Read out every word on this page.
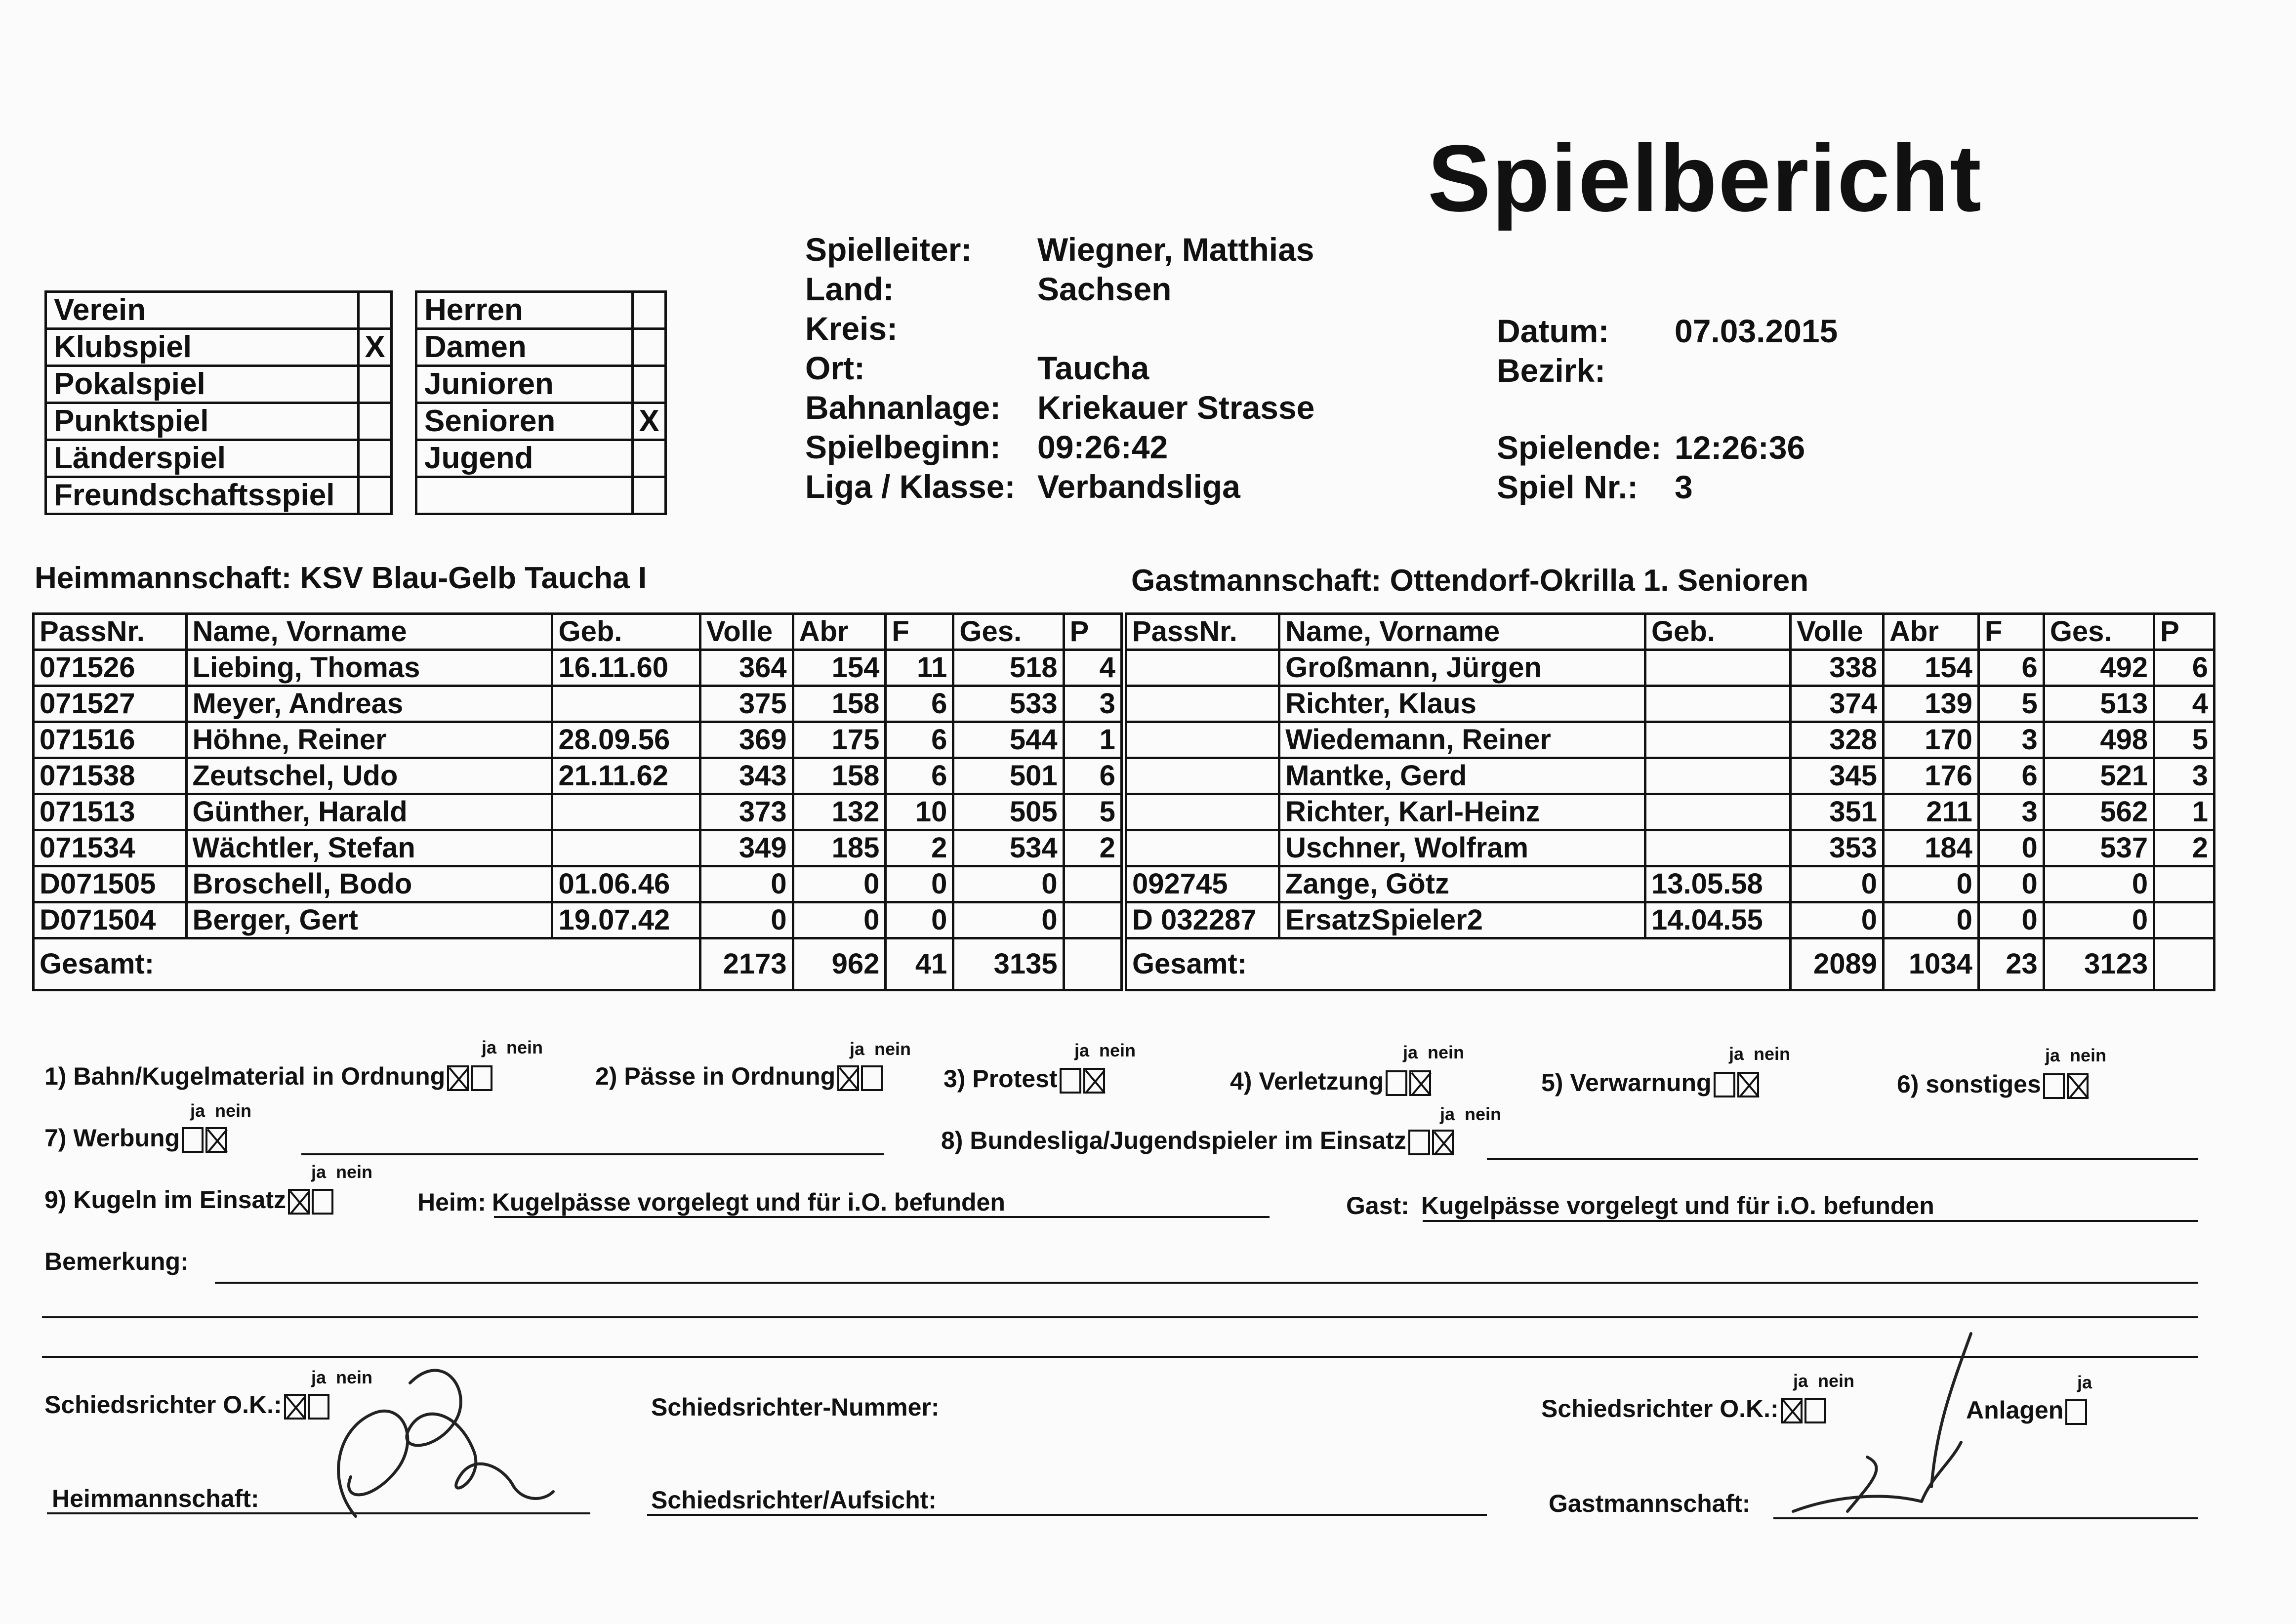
Spielbericht
Spielleiter: Wiegner, Matthias
Land:	Sachsen
Kreis:
Ort:	Taucha
Bahnanlage: Kriekauer Strasse
Spielbeginn: 09:26:42
Liga / Klasse: Verbandsliga
Datum: 07.03.2015
Bezirk:
Spielende: 12:26:36
Spiel Nr.: 3
Verein	
Klubspiel	X
Pokalspiel	
Punktspiel	
Länderspiel	
Freundschaftsspiel	
Herren	
Damen	
Junioren	
Senioren	X
Jugend	

Heimmannschaft: KSV Blau-Gelb Taucha I	Gastmannschaft: Ottendorf-Okrilla 1. Senioren
PassNr.	Name, Vorname	Geb.	Volle	Abr	F	Ges.	P	PassNr.	Name, Vorname	Geb.	Volle	Abr	F	Ges.	P
071526	Liebing, Thomas	16.11.60	364	154	11	518	4		Großmann, Jürgen		338	154	6	492	6
071527	Meyer, Andreas		375	158	6	533	3		Richter, Klaus		374	139	5	513	4
071516	Höhne, Reiner	28.09.56	369	175	6	544	1		Wiedemann, Reiner		328	170	3	498	5
071538	Zeutschel, Udo	21.11.62	343	158	6	501	6		Mantke, Gerd		345	176	6	521	3
071513	Günther, Harald		373	132	10	505	5		Richter, Karl-Heinz		351	211	3	562	1
071534	Wächtler, Stefan		349	185	2	534	2		Uschner, Wolfram		353	184	0	537	2
D071505	Broschell, Bodo	01.06.46	0	0	0	0		092745	Zange, Götz	13.05.58	0	0	0	0	
D071504	Berger, Gert	19.07.42	0	0	0	0		D 032287	ErsatzSpieler2	14.04.55	0	0	0	0	
Gesamt:			2173	962	41	3135		Gesamt:			2089	1034	23	3123	
1) Bahn/Kugelmaterial in Ordnung
ja nein
2) Pässe in Ordnung
ja nein
3) Protest
ja nein
4) Verletzung
ja nein
5) Verwarnung
ja nein
6) sonstiges
ja nein
7) Werbung
ja nein
8) Bundesliga/Jugendspieler im Einsatz
ja nein
9) Kugeln im Einsatz
ja nein
Heim: Kugelpässe vorgelegt und für i.O. befunden	Gast: Kugelpässe vorgelegt und für i.O. befunden
Bemerkung:
Schiedsrichter O.K.:
ja nein
Schiedsrichter-Nummer:	Schiedsrichter O.K.:
ja nein
Anlagen
ja
Heimmannschaft:	Schiedsrichter/Aufsicht:	Gastmannschaft:
